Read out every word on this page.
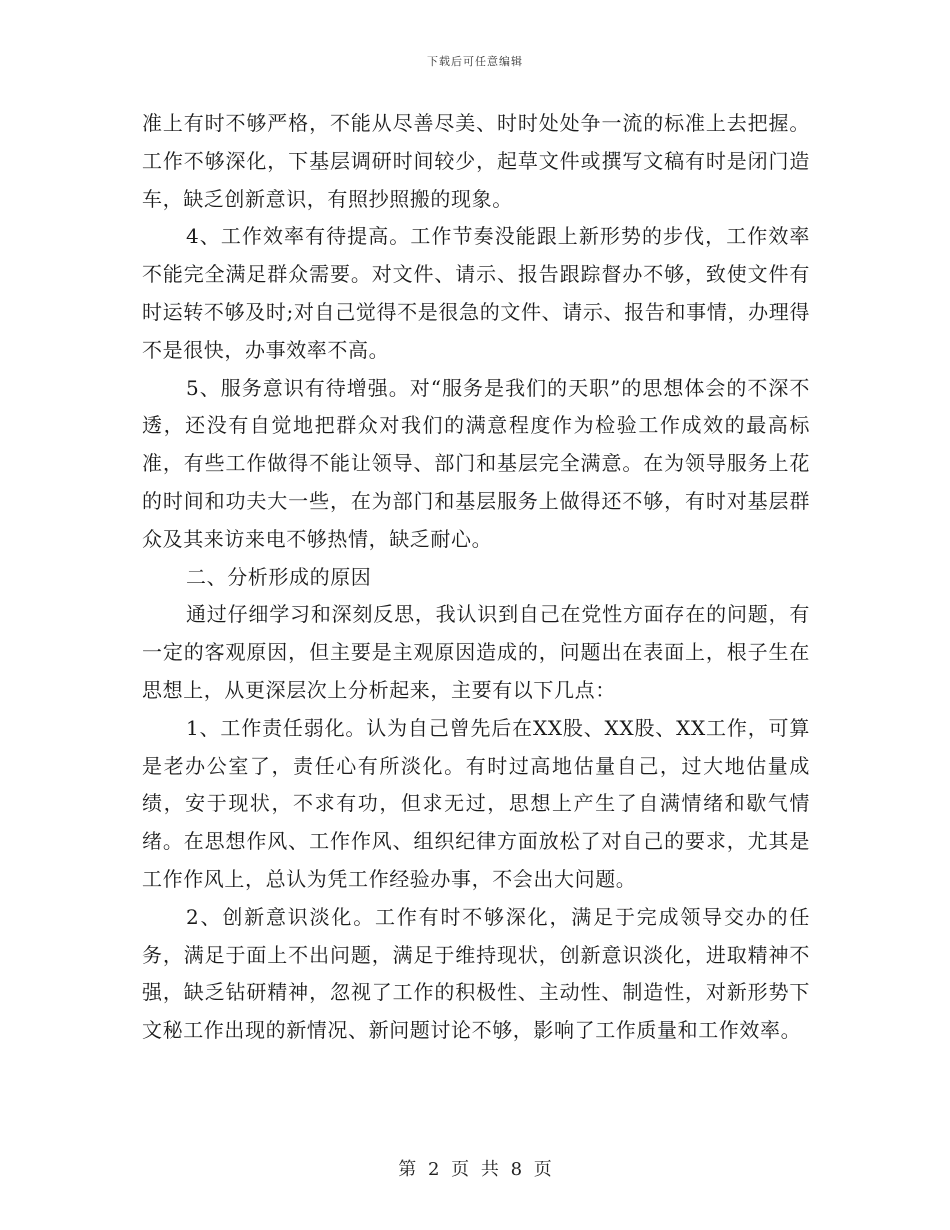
下载后可任意编辑

准上有时不够严格，不能从尽善尽美、时时处处争一流的标准上去把握。工作不够深化，下基层调研时间较少，起草文件或撰写文稿有时是闭门造车，缺乏创新意识，有照抄照搬的现象。

4、工作效率有待提高。工作节奏没能跟上新形势的步伐，工作效率不能完全满足群众需要。对文件、请示、报告跟踪督办不够，致使文件有时运转不够及时;对自己觉得不是很急的文件、请示、报告和事情，办理得不是很快，办事效率不高。

5、服务意识有待增强。对“服务是我们的天职”的思想体会的不深不透，还没有自觉地把群众对我们的满意程度作为检验工作成效的最高标准，有些工作做得不能让领导、部门和基层完全满意。在为领导服务上花的时间和功夫大一些，在为部门和基层服务上做得还不够，有时对基层群众及其来访来电不够热情，缺乏耐心。

二、分析形成的原因

通过仔细学习和深刻反思，我认识到自己在党性方面存在的问题，有一定的客观原因，但主要是主观原因造成的，问题出在表面上，根子生在思想上，从更深层次上分析起来，主要有以下几点：

1、工作责任弱化。认为自己曾先后在XX股、XX股、XX工作，可算是老办公室了，责任心有所淡化。有时过高地估量自己，过大地估量成绩，安于现状，不求有功，但求无过，思想上产生了自满情绪和歇气情绪。在思想作风、工作作风、组织纪律方面放松了对自己的要求，尤其是工作作风上，总认为凭工作经验办事，不会出大问题。

2、创新意识淡化。工作有时不够深化，满足于完成领导交办的任务，满足于面上不出问题，满足于维持现状，创新意识淡化，进取精神不强，缺乏钻研精神，忽视了工作的积极性、主动性、制造性，对新形势下文秘工作出现的新情况、新问题讨论不够，影响了工作质量和工作效率。

第 2 页 共 8 页
